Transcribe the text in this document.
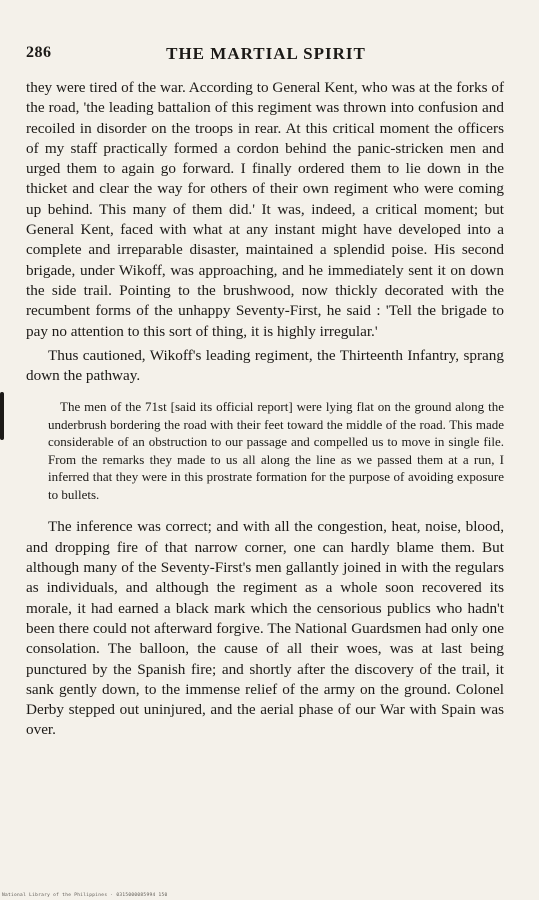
286	THE MARTIAL SPIRIT

they were tired of the war. According to General Kent, who was at the forks of the road, 'the leading battalion of this regiment was thrown into confusion and recoiled in disorder on the troops in rear. At this critical moment the officers of my staff practically formed a cordon behind the panic-stricken men and urged them to again go forward. I finally ordered them to lie down in the thicket and clear the way for others of their own regiment who were coming up behind. This many of them did.' It was, indeed, a critical moment; but General Kent, faced with what at any instant might have developed into a complete and irreparable disaster, maintained a splendid poise. His second brigade, under Wikoff, was approaching, and he immediately sent it on down the side trail. Pointing to the brushwood, now thickly decorated with the recumbent forms of the unhappy Seventy-First, he said : 'Tell the brigade to pay no attention to this sort of thing, it is highly irregular.'

Thus cautioned, Wikoff's leading regiment, the Thirteenth Infantry, sprang down the pathway.

The men of the 71st [said its official report] were lying flat on the ground along the underbrush bordering the road with their feet toward the middle of the road. This made considerable of an obstruction to our passage and compelled us to move in single file. From the remarks they made to us all along the line as we passed them at a run, I inferred that they were in this prostrate formation for the purpose of avoiding exposure to bullets.

The inference was correct; and with all the congestion, heat, noise, blood, and dropping fire of that narrow corner, one can hardly blame them. But although many of the Seventy-First's men gallantly joined in with the regulars as individuals, and although the regiment as a whole soon recovered its morale, it had earned a black mark which the censorious publics who hadn't been there could not afterward forgive. The National Guardsmen had only one consolation. The balloon, the cause of all their woes, was at last being punctured by the Spanish fire; and shortly after the discovery of the trail, it sank gently down, to the immense relief of the army on the ground. Colonel Derby stepped out uninjured, and the aerial phase of our War with Spain was over.

National Library of the Philippines · 0315000085994 150
